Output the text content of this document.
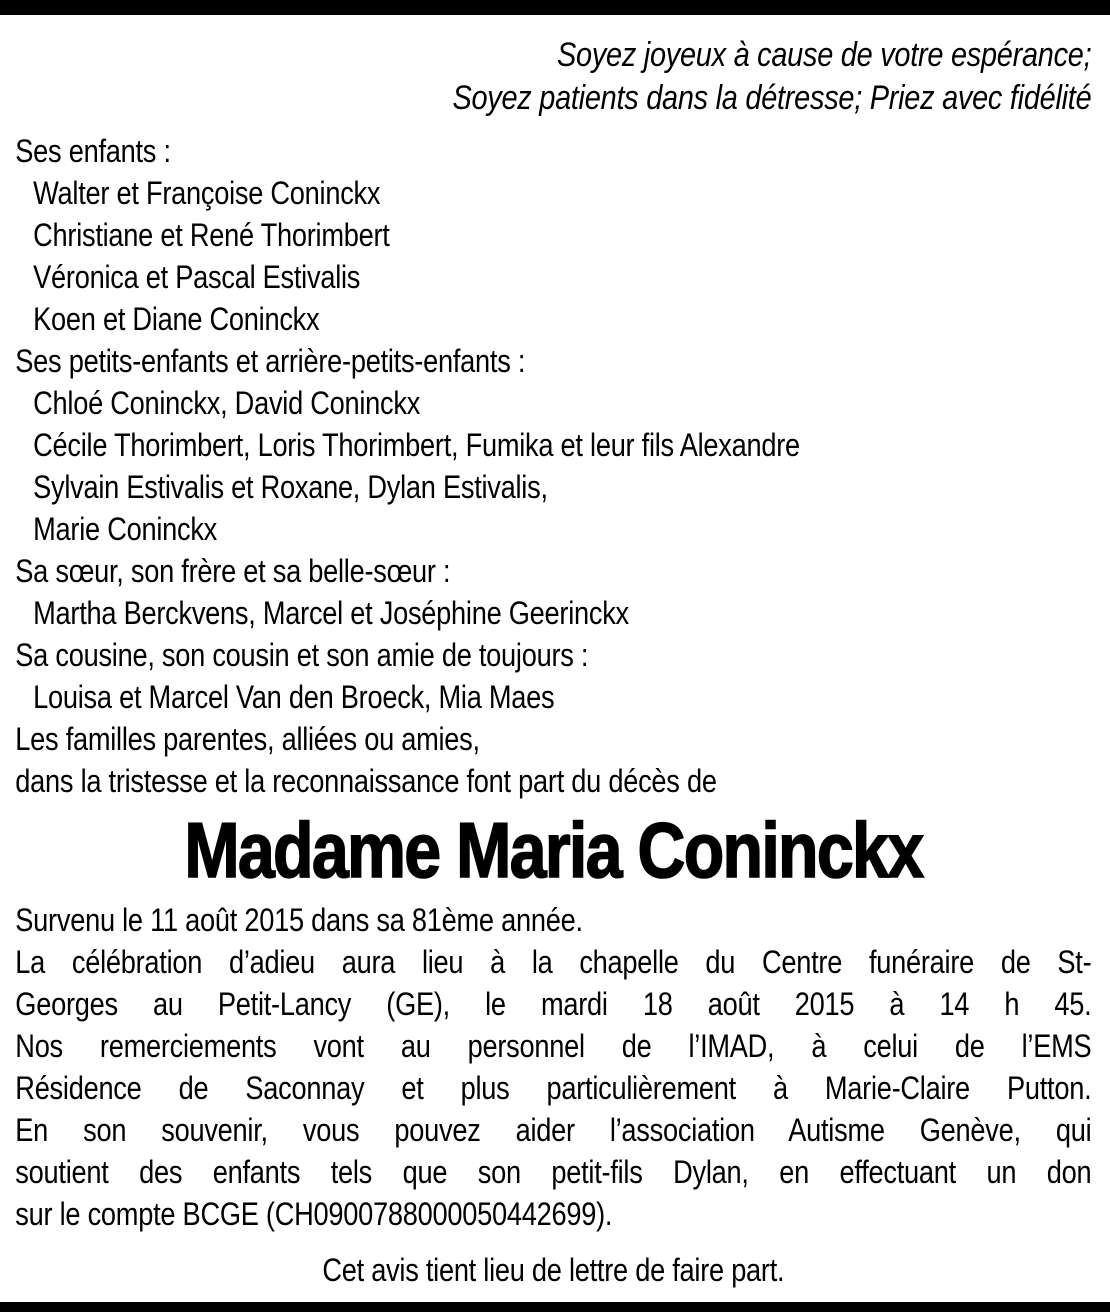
Soyez joyeux à cause de votre espérance;
Soyez patients dans la détresse; Priez avec fidélité
Ses enfants :
Walter et Françoise Coninckx
Christiane et René Thorimbert
Véronica et Pascal Estivalis
Koen et Diane Coninckx
Ses petits-enfants et arrière-petits-enfants :
Chloé Coninckx, David Coninckx
Cécile Thorimbert, Loris Thorimbert, Fumika et leur fils Alexandre
Sylvain Estivalis et Roxane, Dylan Estivalis,
Marie Coninckx
Sa sœur, son frère et sa belle-sœur :
Martha Berckvens, Marcel et Joséphine Geerinckx
Sa cousine, son cousin et son amie de toujours :
Louisa et Marcel Van den Broeck, Mia Maes
Les familles parentes, alliées ou amies,
dans la tristesse et la reconnaissance font part du décès de
Madame Maria Coninckx
Survenu le 11 août 2015 dans sa 81ème année.
La célébration d’adieu aura lieu à la chapelle du Centre funéraire de St-
Georges au Petit-Lancy (GE), le mardi 18 août 2015 à 14 h 45.
Nos remerciements vont au personnel de l’IMAD, à celui de l’EMS
Résidence de Saconnay et plus particulièrement à Marie-Claire Putton.
En son souvenir, vous pouvez aider l’association Autisme Genève, qui
soutient des enfants tels que son petit-fils Dylan, en effectuant un don
sur le compte BCGE (CH0900788000050442699).
Cet avis tient lieu de lettre de faire part.
